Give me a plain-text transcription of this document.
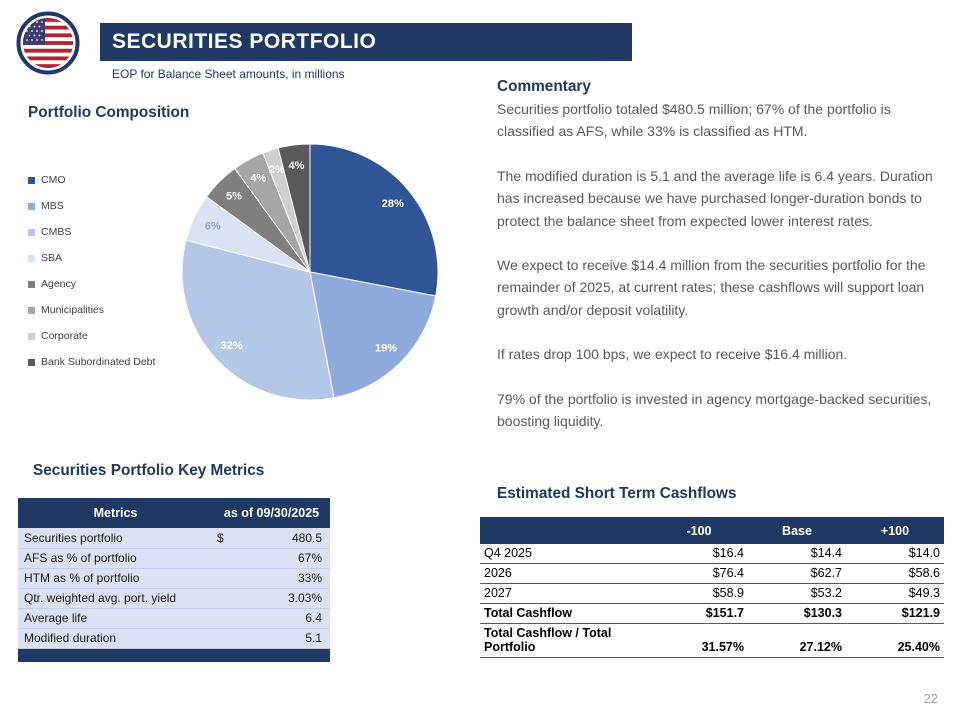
SECURITIES PORTFOLIO
EOP for Balance Sheet amounts, in millions
Portfolio Composition
CMO
MBS
CMBS
SBA
Agency
Municipalities
Corporate
Bank Subordinated Debt
28%
19%
32%
6%
5%
4%
2% 4%
Securities Portfolio Key Metrics
Metrics	as of 09/30/2025
Securities portfolio	$ 480.5

AFS as % of portfolio	67%

HTM as % of portfolio	33%

Qtr. weighted avg. port. yield	3.03%

Average life	6.4

Modified duration	5.1

Commentary

Securities portfolio totaled $480.5 million; 67% of the portfolio is classified as AFS, while 33% is classified as HTM.

The modified duration is 5.1 and the average life is 6.4 years. Duration has increased because we have purchased longer-duration bonds to protect the balance sheet from expected lower interest rates.

We expect to receive $14.4 million from the securities portfolio for the remainder of 2025, at current rates; these cashflows will support loan growth and/or deposit volatility.

If rates drop 100 bps, we expect to receive $16.4 million.

79% of the portfolio is invested in agency mortgage-backed securities, boosting liquidity.

Estimated Short Term Cashflows
	-100	Base	+100
Q4 2025	$16.4	$14.4	$14.0
2026	$76.4	$62.7	$58.6
2027	$58.9	$53.2	$49.3
Total Cashflow	$151.7	$130.3	$121.9
Total Cashflow / Total Portfolio	31.57%	27.12%	25.40%
22
